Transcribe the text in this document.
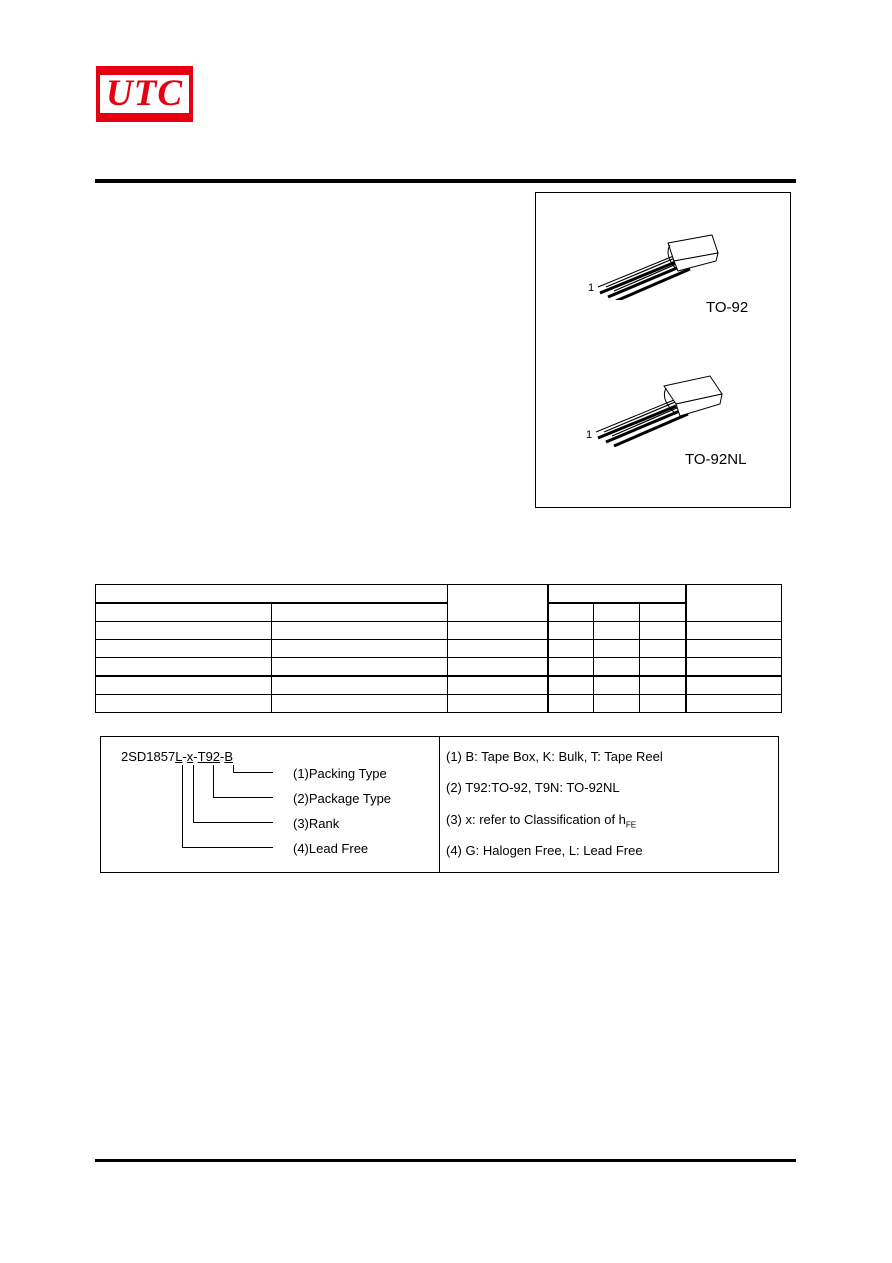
UTC
1
TO-92
1
TO-92NL

2SD1857L-x-T92-B
(1)Packing Type
(2)Package Type
(3)Rank
(4)Lead Free
(1) B: Tape Box, K: Bulk, T: Tape Reel
(2) T92:TO-92, T9N: TO-92NL
(3) x: refer to Classification of $h_{FE}$
(4) G: Halogen Free, L: Lead Free
